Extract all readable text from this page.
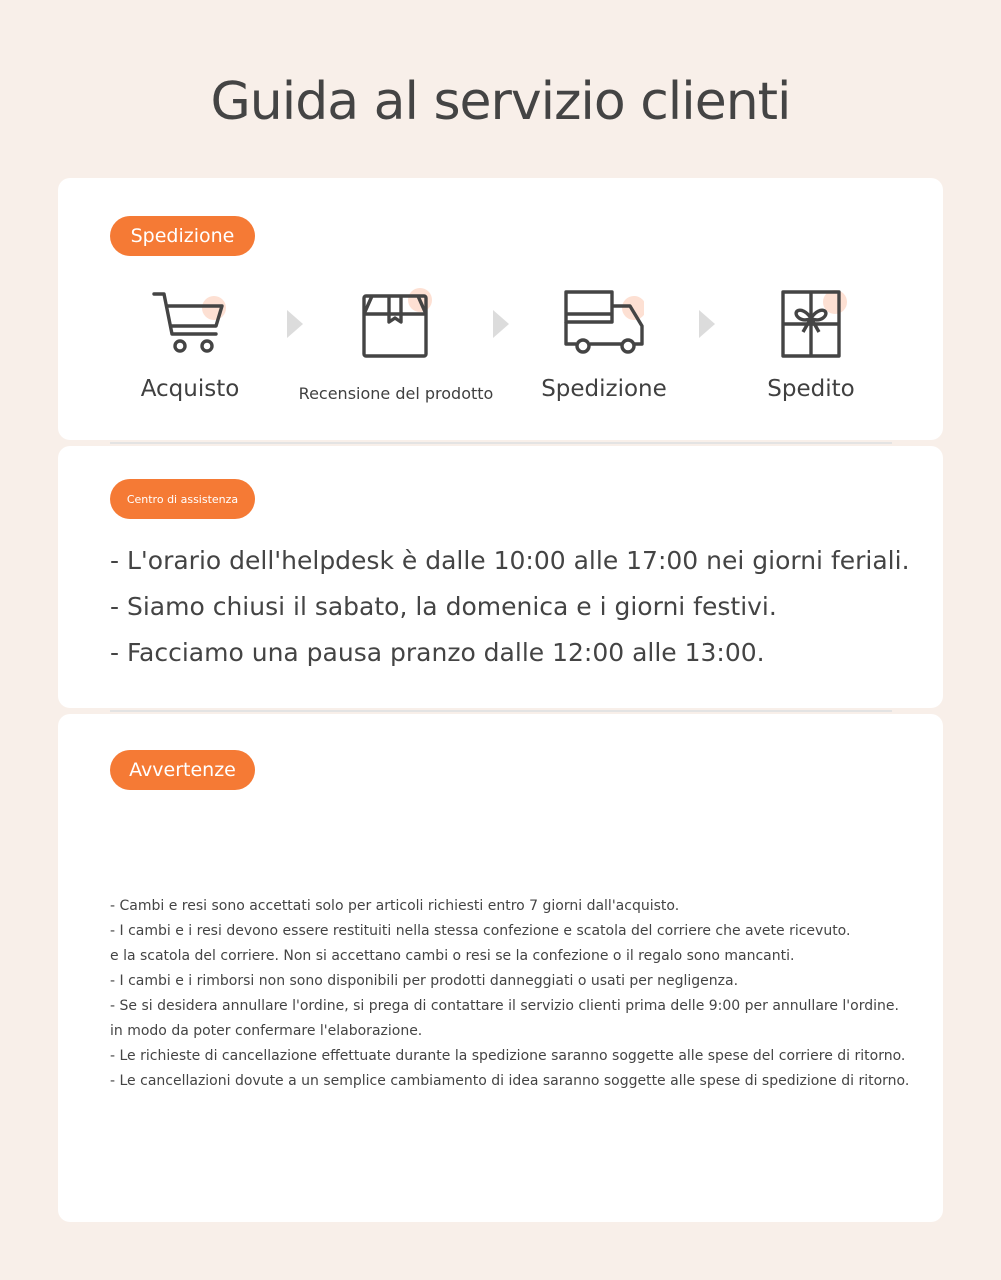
Guida al servizio clienti
Spedizione
Acquisto	Recensione del prodotto	Spedizione	Spedito
Centro di assistenza
- L'orario dell'helpdesk è dalle 10:00 alle 17:00 nei giorni feriali.
- Siamo chiusi il sabato, la domenica e i giorni festivi.
- Facciamo una pausa pranzo dalle 12:00 alle 13:00.
Avvertenze
- Cambi e resi sono accettati solo per articoli richiesti entro 7 giorni dall'acquisto.
- I cambi e i resi devono essere restituiti nella stessa confezione e scatola del corriere che avete ricevuto.
e la scatola del corriere. Non si accettano cambi o resi se la confezione o il regalo sono mancanti.
- I cambi e i rimborsi non sono disponibili per prodotti danneggiati o usati per negligenza.
- Se si desidera annullare l'ordine, si prega di contattare il servizio clienti prima delle 9:00 per annullare l'ordine.
in modo da poter confermare l'elaborazione.
- Le richieste di cancellazione effettuate durante la spedizione saranno soggette alle spese del corriere di ritorno.
- Le cancellazioni dovute a un semplice cambiamento di idea saranno soggette alle spese di spedizione di ritorno.
